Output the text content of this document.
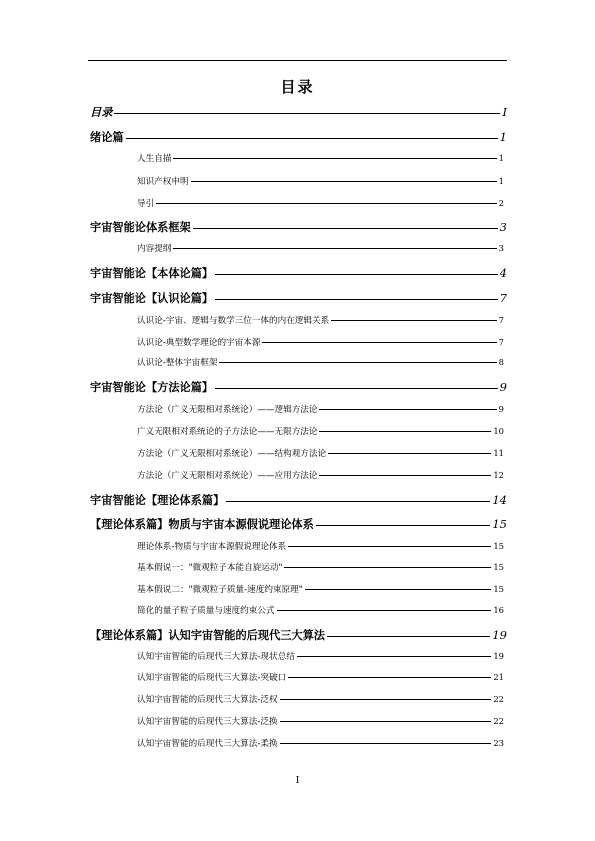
目录
目录	I
绪论篇	1
人生自描	1
知识产权申明	1
导引	2
宇宙智能论体系框架	3
内容提纲	3
宇宙智能论【本体论篇】	4
宇宙智能论【认识论篇】	7
认识论-宇宙、逻辑与数学三位一体的内在逻辑关系	7
认识论-典型数学理论的宇宙本源	7
认识论-整体宇宙框架	8
宇宙智能论【方法论篇】	9
方法论（广义无限相对系统论）——逻辑方法论	9
广义无限相对系统论的子方法论——无限方法论	10
方法论（广义无限相对系统论）——结构观方法论	11
方法论（广义无限相对系统论）——应用方法论	12
宇宙智能论【理论体系篇】	14
【理论体系篇】物质与宇宙本源假说理论体系	15
理论体系-物质与宇宙本源假说理论体系	15
基本假说一："微观粒子本能自旋运动"	15
基本假说二："微观粒子质量-速度约束原理"	15
简化的量子粒子质量与速度约束公式	16
【理论体系篇】认知宇宙智能的后现代三大算法	19
认知宇宙智能的后现代三大算法-现状总结	19
认知宇宙智能的后现代三大算法-突破口	21
认知宇宙智能的后现代三大算法-泛权	22
认知宇宙智能的后现代三大算法-泛换	22
认知宇宙智能的后现代三大算法-柔换	23
I
